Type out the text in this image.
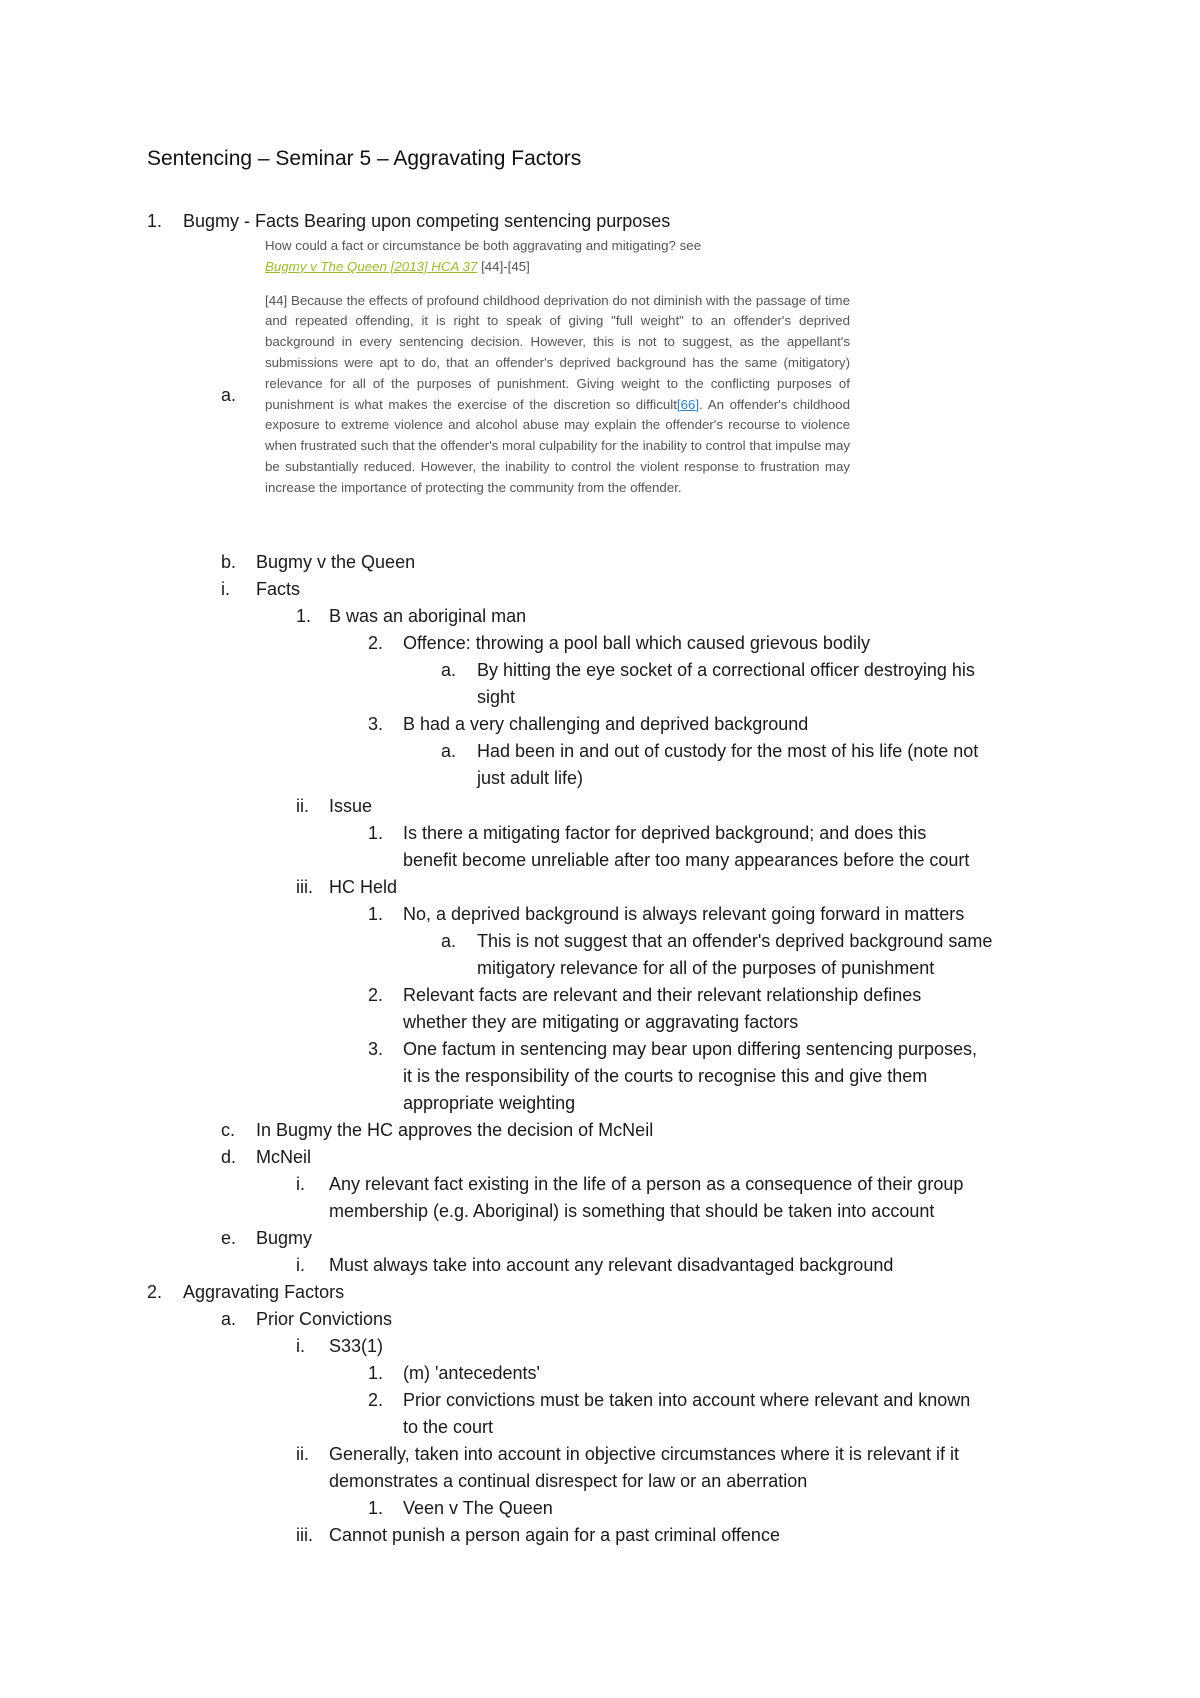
Sentencing – Seminar 5 – Aggravating Factors
1. Bugmy - Facts Bearing upon competing sentencing purposes
a.

How could a fact or circumstance be both aggravating and mitigating? see
Bugmy v The Queen [2013] HCA 37 [44]-[45]

[44] Because the effects of profound childhood deprivation do not diminish with the passage of time and repeated offending, it is right to speak of giving "full weight" to an offender's deprived background in every sentencing decision. However, this is not to suggest, as the appellant's submissions were apt to do, that an offender's deprived background has the same (mitigatory) relevance for all of the purposes of punishment. Giving weight to the conflicting purposes of punishment is what makes the exercise of the discretion so difficult[66]. An offender's childhood exposure to extreme violence and alcohol abuse may explain the offender's recourse to violence when frustrated such that the offender's moral culpability for the inability to control that impulse may be substantially reduced. However, the inability to control the violent response to frustration may increase the importance of protecting the community from the offender.

b. Bugmy v the Queen
i. Facts
1. B was an aboriginal man
2. Offence: throwing a pool ball which caused grievous bodily
a. By hitting the eye socket of a correctional officer destroying his
sight
3. B had a very challenging and deprived background
a. Had been in and out of custody for the most of his life (note not
just adult life)
ii. Issue
1. Is there a mitigating factor for deprived background; and does this
benefit become unreliable after too many appearances before the court
iii. HC Held
1. No, a deprived background is always relevant going forward in matters
a. This is not suggest that an offender's deprived background same
mitigatory relevance for all of the purposes of punishment
2. Relevant facts are relevant and their relevant relationship defines
whether they are mitigating or aggravating factors
3. One factum in sentencing may bear upon differing sentencing purposes,
it is the responsibility of the courts to recognise this and give them
appropriate weighting
c. In Bugmy the HC approves the decision of McNeil
d. McNeil
i. Any relevant fact existing in the life of a person as a consequence of their group
membership (e.g. Aboriginal) is something that should be taken into account
e. Bugmy
i. Must always take into account any relevant disadvantaged background
2. Aggravating Factors
a. Prior Convictions
i. S33(1)
1. (m) 'antecedents'
2. Prior convictions must be taken into account where relevant and known
to the court
ii. Generally, taken into account in objective circumstances where it is relevant if it
demonstrates a continual disrespect for law or an aberration
1. Veen v The Queen
iii. Cannot punish a person again for a past criminal offence
